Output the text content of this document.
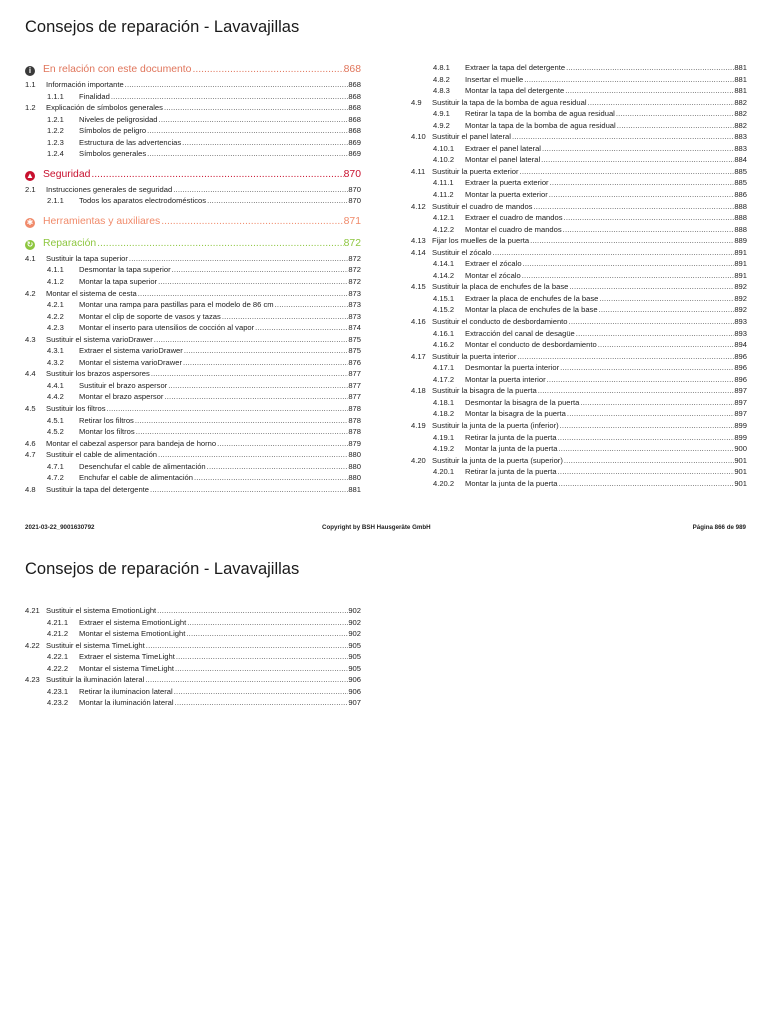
Consejos de reparación - Lavavajillas
i	En relación con este documento .....	868
1.1	Información importante .....	868
1.1.1	Finalidad .....	868
1.2	Explicación de símbolos generales .....	868
1.2.1	Niveles de peligrosidad .....	868
1.2.2	Símbolos de peligro .....	868
1.2.3	Estructura de las advertencias .....	869
1.2.4	Símbolos generales .....	869
▲ Seguridad .....	870
2.1	Instrucciones generales de seguridad .....	870
2.1.1	Todos los aparatos electrodomésticos .....	870
✱ Herramientas y auxiliares .....	871
↻ Reparación .....	872
4.1	Sustituir la tapa superior .....	872
4.1.1	Desmontar la tapa superior .....	872
4.1.2	Montar la tapa superior .....	872
4.2	Montar el sistema de cesta .....	873
4.2.1	Montar una rampa para pastillas para el modelo de 86 cm .....	873
4.2.2	Montar el clip de soporte de vasos y tazas .....	873
4.2.3	Montar el inserto para utensilios de cocción al vapor .....	874
4.3	Sustituir el sistema varioDrawer .....	875
4.3.1	Extraer el sistema varioDrawer .....	875
4.3.2	Montar el sistema varioDrawer .....	876
4.4	Sustituir los brazos aspersores .....	877
4.4.1	Sustituir el brazo aspersor .....	877
4.4.2	Montar el brazo aspersor .....	877
4.5	Sustituir los filtros .....	878
4.5.1	Retirar los filtros .....	878
4.5.2	Montar los filtros .....	878
4.6	Montar el cabezal aspersor para bandeja de horno .....	879
4.7	Sustituir el cable de alimentación .....	880
4.7.1	Desenchufar el cable de alimentación .....	880
4.7.2	Enchufar el cable de alimentación .....	880
4.8	Sustituir la tapa del detergente .....	881
4.8.1	Extraer la tapa del detergente .....	881
4.8.2	Insertar el muelle .....	881
4.8.3	Montar la tapa del detergente .....	881
4.9	Sustituir la tapa de la bomba de agua residual .....	882
4.9.1	Retirar la tapa de la bomba de agua residual .....	882
4.9.2	Montar la tapa de la bomba de agua residual .....	882
4.10 Sustituir el panel lateral .....	883
4.10.1	Extraer el panel lateral .....	883
4.10.2	Montar el panel lateral .....	884
4.11 Sustituir la puerta exterior .....	885
4.11.1	Extraer la puerta exterior .....	885
4.11.2	Montar la puerta exterior .....	886
4.12 Sustituir el cuadro de mandos .....	888
4.12.1	Extraer el cuadro de mandos .....	888
4.12.2	Montar el cuadro de mandos .....	888
4.13 Fijar los muelles de la puerta .....	889
4.14 Sustituir el zócalo .....	891
4.14.1	Extraer el zócalo .....	891
4.14.2	Montar el zócalo .....	891
4.15 Sustituir la placa de enchufes de la base .....	892
4.15.1	Extraer la placa de enchufes de la base .....	892
4.15.2	Montar la placa de enchufes de la base .....	892
4.16 Sustituir el conducto de desbordamiento .....	893
4.16.1	Extracción del canal de desagüe .....	893
4.16.2	Montar el conducto de desbordamiento .....	894
4.17 Sustituir la puerta interior .....	896
4.17.1	Desmontar la puerta interior .....	896
4.17.2	Montar la puerta interior .....	896
4.18 Sustituir la bisagra de la puerta .....	897
4.18.1	Desmontar la bisagra de la puerta .....	897
4.18.2	Montar la bisagra de la puerta .....	897
4.19 Sustituir la junta de la puerta (inferior) .....	899
4.19.1	Retirar la junta de la puerta .....	899
4.19.2	Montar la junta de la puerta .....	900
4.20 Sustituir la junta de la puerta (superior) .....	901
4.20.1	Retirar la junta de la puerta .....	901
4.20.2	Montar la junta de la puerta .....	901
2021-03-22_9001630792	Copyright by BSH Hausgeräte GmbH	Página 866 de 989
Consejos de reparación - Lavavajillas
4.21 Sustituir el sistema EmotionLight .....	902
4.21.1	Extraer el sistema EmotionLight .....	902
4.21.2	Montar el sistema EmotionLight .....	902
4.22 Sustituir el sistema TimeLight .....	905
4.22.1	Extraer el sistema TimeLight .....	905
4.22.2	Montar el sistema TimeLight .....	905
4.23 Sustituir la iluminación lateral .....	906
4.23.1	Retirar la iluminacion lateral .....	906
4.23.2	Montar la iluminación lateral .....	907
